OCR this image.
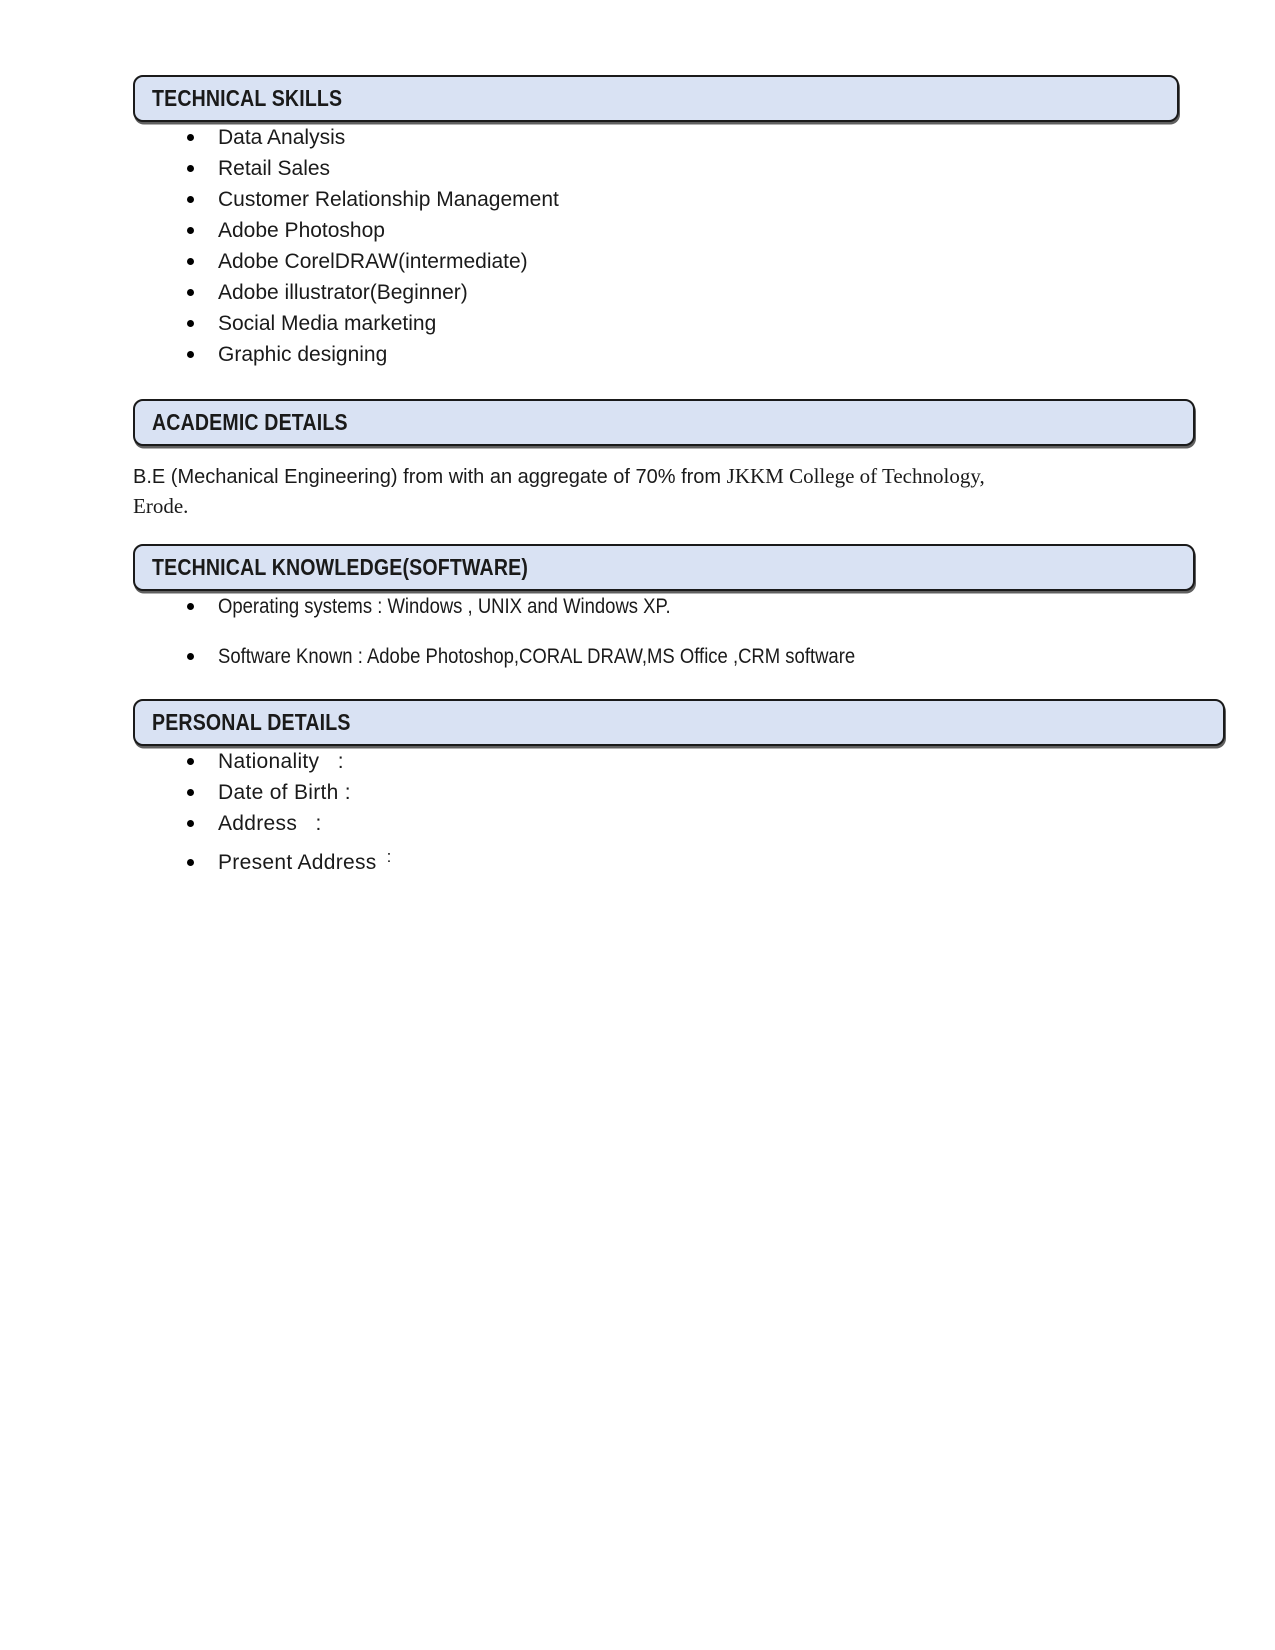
TECHNICAL SKILLS
Data Analysis
Retail Sales
Customer Relationship Management
Adobe Photoshop
Adobe CorelDRAW(intermediate)
Adobe illustrator(Beginner)
Social Media marketing
Graphic designing
ACADEMIC DETAILS
B.E (Mechanical Engineering) from with an aggregate of 70% from JKKM College of Technology,
Erode.
TECHNICAL KNOWLEDGE(SOFTWARE)
Operating systems : Windows , UNIX and Windows XP.
Software Known : Adobe Photoshop,CORAL DRAW,MS Office ,CRM software
PERSONAL DETAILS
Nationality   :
Date of Birth :
Address   :
Present Address  :
